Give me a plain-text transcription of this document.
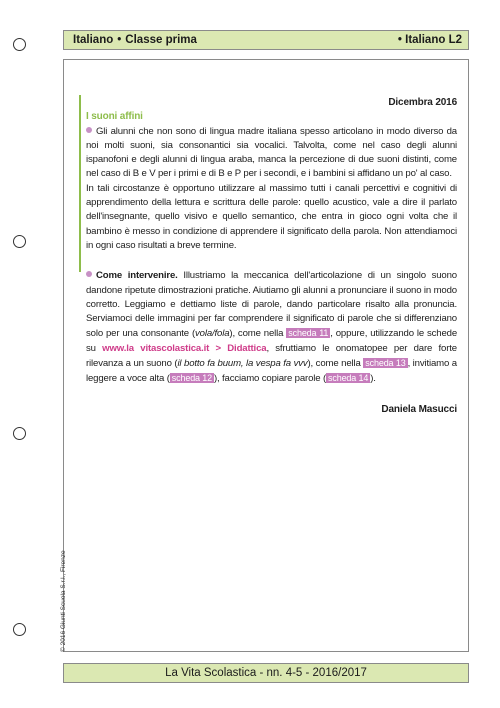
Italiano • Classe prima	• Italiano L2
Dicembra 2016
I suoni affini

Gli alunni che non sono di lingua madre italiana spesso articolano in modo diverso da noi molti suoni, sia consonantici sia vocalici. Talvolta, come nel caso degli alunni ispanofoni e degli alunni di lingua araba, manca la percezione di due suoni distinti, come nel caso di B e V per i primi e di B e P per i secondi, e i bambini si affidano un po' al caso.

In tali circostanze è opportuno utilizzare al massimo tutti i canali percettivi e cognitivi di apprendimento della lettura e scrittura delle parole: quello acustico, vale a dire il parlato dell'insegnante, quello visivo e quello semantico, che entra in gioco ogni volta che il bambino è messo in condizione di apprendere il significato della parola. Non attendiamoci in ogni caso risultati a breve termine.

Come intervenire. Illustriamo la meccanica dell'articolazione di un singolo suono dandone ripetute dimostrazioni pratiche. Aiutiamo gli alunni a pronunciare il suono in modo corretto. Leggiamo e dettiamo liste di parole, dando particolare risalto alla pronuncia. Serviamoci delle immagini per far comprendere il significato di parole che si differenziano solo per una consonante (vola/fola), come nella scheda 11 , oppure, utilizzando le schede su www.la vitascolastica.it > Didattica, sfruttiamo le onomatopee per dare forte rilevanza a un suono (il botto fa buum, la vespa fa vvv), come nella scheda 13 , invitiamo a leggere a voce alta ( scheda 12 ), facciamo copiare parole ( scheda 14 ).

Daniela Masucci
© 2016 Giunti Scuola S.r.l., Firenze
La Vita Scolastica - nn. 4-5 - 2016/2017
